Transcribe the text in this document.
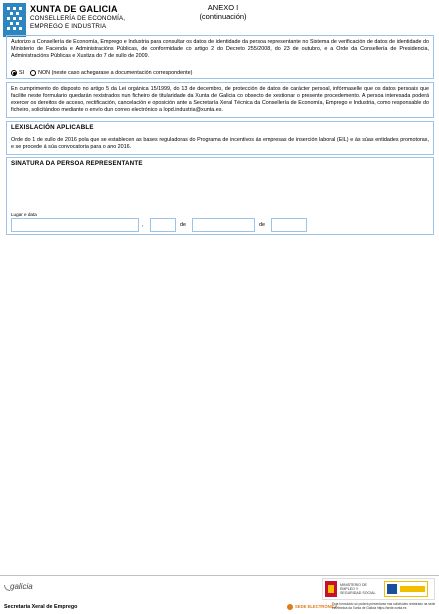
XUNTA DE GALICIA
CONSELLERÍA DE ECONOMÍA,
EMPREGO E INDUSTRIA
ANEXO I
(continuación)

Autorizo a Consellería de Economía, Emprego e Industria para consultar os datos de identidade da persoa representante no Sistema de verificación de datos de identidade do Ministerio de Facenda e Administracións Públicas, de conformidade co artigo 2 do Decreto 255/2008, do 23 de outubro, e a Orde da Consellería de Presidencia, Administracións Públicas e Xustiza do 7 de xullo de 2009.

SI	NON (neste caso achegarase a documentación correspondente)

En cumprimento do disposto no artigo 5 da Lei orgánica 15/1999, do 13 de decembro, de protección de datos de carácter persoal, infórmaselle que os datos persoais que facilite neste formulario quedarán rexistrados nun ficheiro de titularidade da Xunta de Galicia co obxecto de xestionar o presente procedemento. A persoa interesada poderá exercer os dereitos de acceso, rectificación, cancelación e oposición ante a Secretaría Xeral Técnica da Consellería de Economía, Emprego e Industria, como responsable do ficheiro, solicitándoo mediante o envío dun correo electrónico a lopd.industria@xunta.es.

LEXISLACIÓN APLICABLE

Orde do 1 de xullo de 2016 pola que se establecen as bases reguladoras do Programa de incentivos ás empresas de inserción laboral (EIL) e ás súas entidades promotoras, e se procede á súa convocatoria para o ano 2016.

SINATURA DA PERSOA REPRESENTANTE
Lugar e data
,	de	de
galicia	MINISTERIO DE EMPLEO Y SEGURIDAD SOCIAL
Secretaría Xeral de Emprego	SEDE ELECTRÓNICA
Esta formulario só poderá presentarse nas solicitudes rexistrado na sede electrónica da Xunta de Galicia https://sede.xunta.es
